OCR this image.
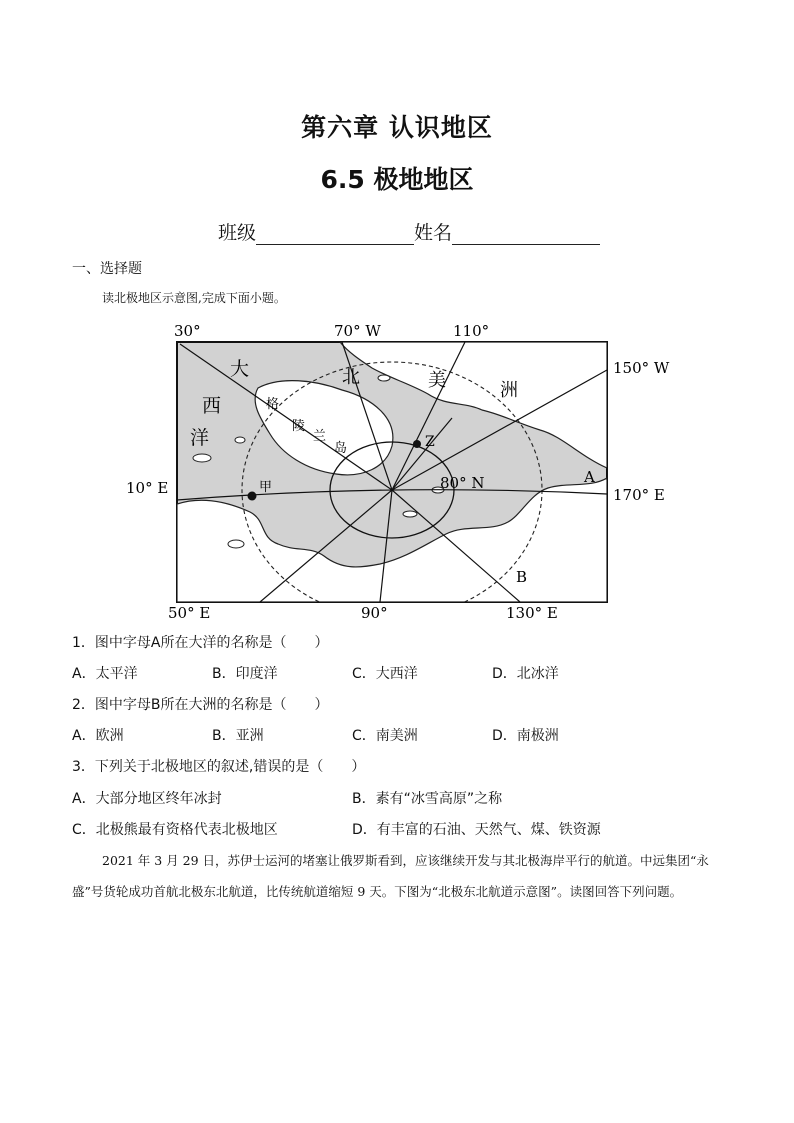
第六章 认识地区
6.5 极地地区
班级	姓名
一、选择题
读北极地区示意图,完成下面小题。
30°	70° W	110°
150° W
10° E	170° E
50° E	90°	130° E
80° N
大
西
洋
北	美	洲
格
陵
兰
岛
甲
Z
A
B
1．图中字母A所在大洋的名称是（　　）
A．太平洋	B．印度洋	C．大西洋	D．北冰洋
2．图中字母B所在大洲的名称是（　　）
A．欧洲	B．亚洲	C．南美洲	D．南极洲
3．下列关于北极地区的叙述,错误的是（　　）
A．大部分地区终年冰封	B．素有“冰雪高原”之称
C．北极熊最有资格代表北极地区	D．有丰富的石油、天然气、煤、铁资源
2021 年 3 月 29 日，苏伊士运河的堵塞让俄罗斯看到，应该继续开发与其北极海岸平行的航道。中远集团“永盛”号货轮成功首航北极东北航道，比传统航道缩短 9 天。下图为“北极东北航道示意图”。读图回答下列问题。
